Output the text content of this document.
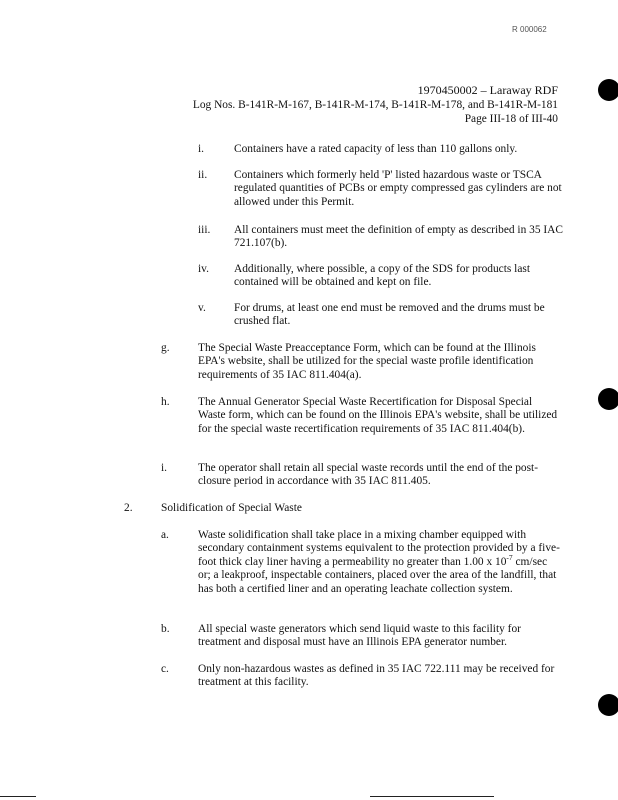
R 000062
1970450002 – Laraway RDF
Log Nos. B-141R-M-167, B-141R-M-174, B-141R-M-178, and B-141R-M-181
Page III-18 of III-40
i.	Containers have a rated capacity of less than 110 gallons only.
ii. Containers which formerly held 'P' listed hazardous waste or TSCA regulated quantities of PCBs or empty compressed gas cylinders are not allowed under this Permit.
iii. All containers must meet the definition of empty as described in 35 IAC 721.107(b).
iv. Additionally, where possible, a copy of the SDS for products last contained will be obtained and kept on file.
v. For drums, at least one end must be removed and the drums must be crushed flat.
g. The Special Waste Preacceptance Form, which can be found at the Illinois EPA's website, shall be utilized for the special waste profile identification requirements of 35 IAC 811.404(a).
h. The Annual Generator Special Waste Recertification for Disposal Special Waste form, which can be found on the Illinois EPA's website, shall be utilized for the special waste recertification requirements of 35 IAC 811.404(b).
i.	The operator shall retain all special waste records until the end of the post-closure period in accordance with 35 IAC 811.405.
2. Solidification of Special Waste
a.	Waste solidification shall take place in a mixing chamber equipped with secondary containment systems equivalent to the protection provided by a five-foot thick clay liner having a permeability no greater than 1.00 x $10^{-7}$ cm/sec or; a leakproof, inspectable containers, placed over the area of the landfill, that has both a certified liner and an operating leachate collection system.
b. All special waste generators which send liquid waste to this facility for treatment and disposal must have an Illinois EPA generator number.
c.	Only non-hazardous wastes as defined in 35 IAC 722.111 may be received for treatment at this facility.
